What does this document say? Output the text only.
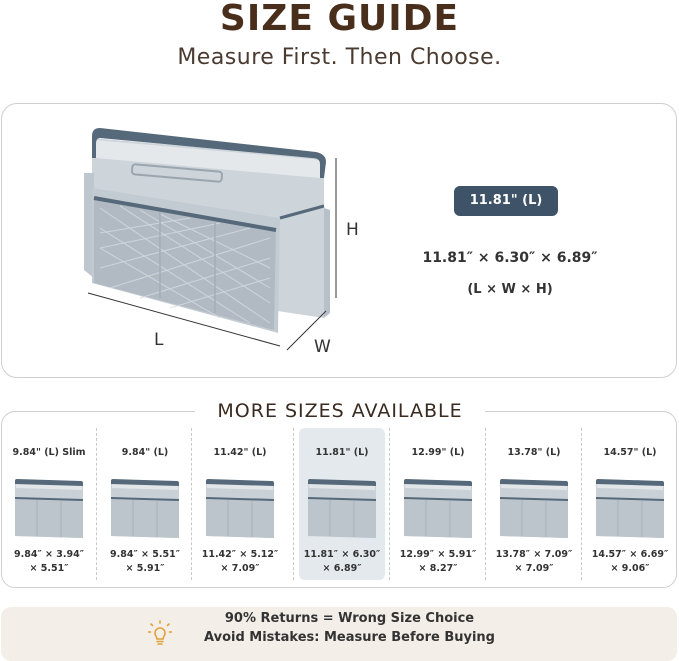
SIZE GUIDE
Measure First. Then Choose.
H
L	W
11.81" (L)
11.81″ × 6.30″ × 6.89″
(L × W × H)
MORE SIZES AVAILABLE
9.84" (L) Slim
9.84″ × 3.94″
× 5.51″
9.84" (L)
9.84″ × 5.51″
× 5.91″
11.42" (L)
11.42″ × 5.12″
× 7.09″
11.81" (L)
11.81″ × 6.30″
× 6.89″
12.99" (L)
12.99″ × 5.91″
× 8.27″
13.78" (L)
13.78″ × 7.09″
× 7.09″
14.57" (L)
14.57″ × 6.69″
× 9.06″
90% Returns = Wrong Size Choice
Avoid Mistakes: Measure Before Buying
